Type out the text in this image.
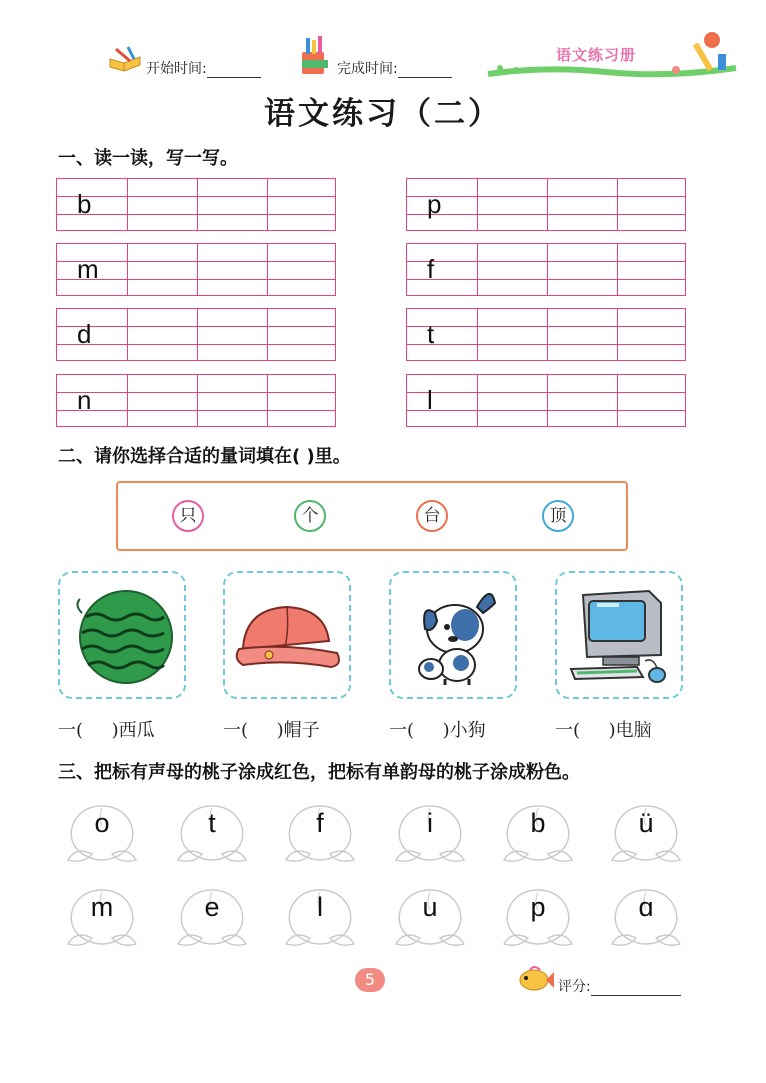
开始时间:	完成时间:
语文练习册
语文练习（二）
一、读一读，写一写。
b
m
d
n
p
f
t
l
二、请你选择合适的量词填在( )里。
只	个	台	顶
一(     )西瓜	一(     )帽子	一(     )小狗	一(     )电脑
三、把标有声母的桃子涂成红色，把标有单韵母的桃子涂成粉色。
o	t	f	i	b	ü
m	e	l	u	p	ɑ
5	评分:
